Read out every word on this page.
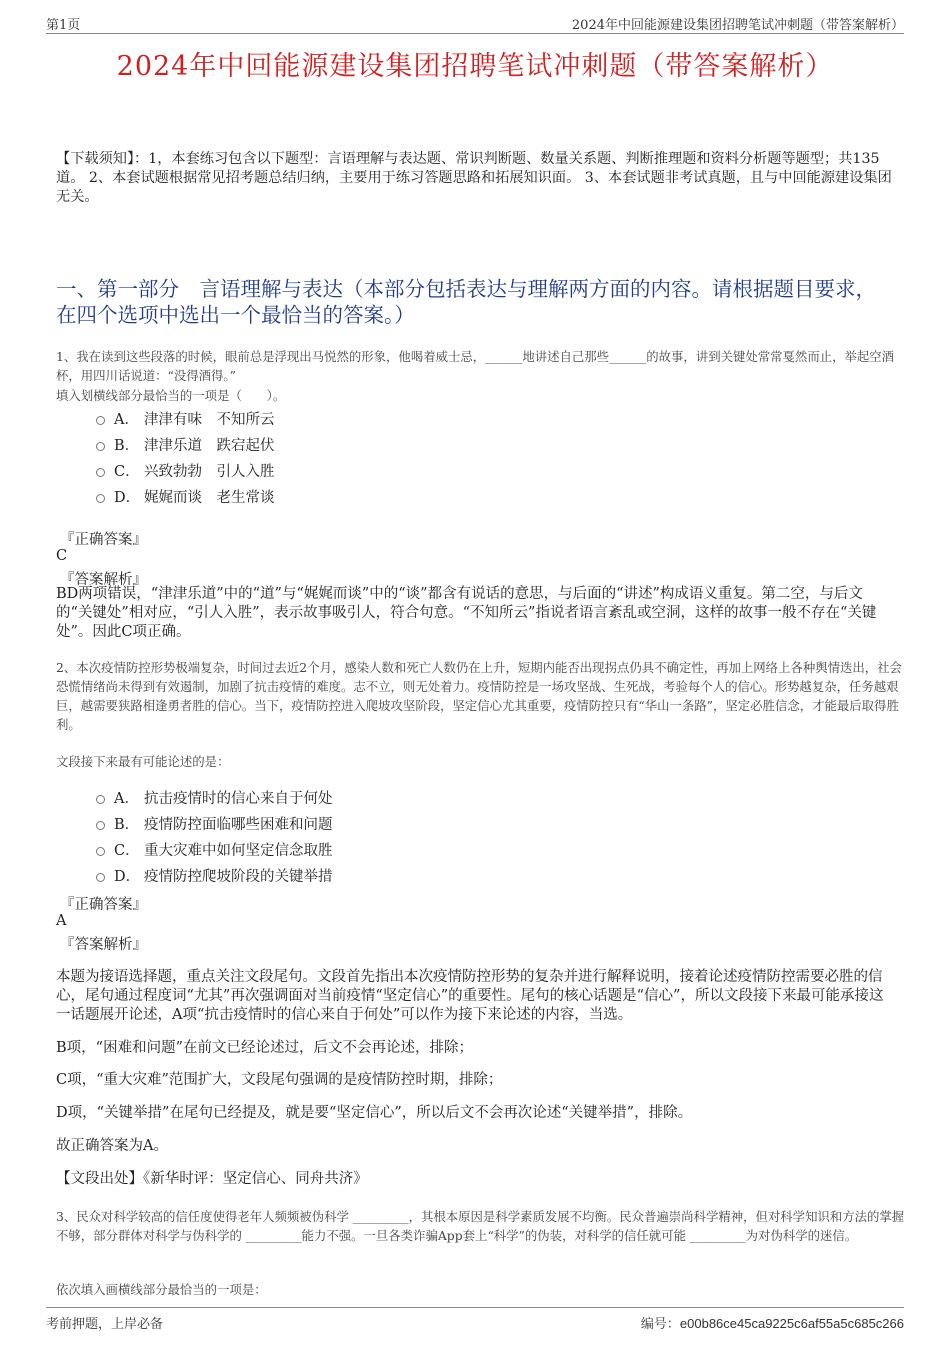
第1页	2024年中回能源建设集团招聘笔试冲刺题（带答案解析）
2024年中回能源建设集团招聘笔试冲刺题（带答案解析）
【下载须知】：1，本套练习包含以下题型：言语理解与表达题、常识判断题、数量关系题、判断推理题和资料分析题等题型；共135道。 2、本套试题根据常见招考题总结归纳，主要用于练习答题思路和拓展知识面。 3、本套试题非考试真题，且与中回能源建设集团无关。
一、第一部分　言语理解与表达（本部分包括表达与理解两方面的内容。请根据题目要求，在四个选项中选出一个最恰当的答案。）
1、我在读到这些段落的时候，眼前总是浮现出马悦然的形象，他喝着威士忌，______地讲述自己那些______的故事，讲到关键处常常戛然而止，举起空酒杯，用四川话说道：“没得酒得。”
填入划横线部分最恰当的一项是（　　）。
A． 津津有味　不知所云
B． 津津乐道　跌宕起伏
C． 兴致勃勃　引人入胜
D． 娓娓而谈　老生常谈
『正确答案』
C
『答案解析』
BD两项错误，“津津乐道”中的“道”与“娓娓而谈”中的“谈”都含有说话的意思，与后面的“讲述”构成语义重复。第二空，与后文的“关键处”相对应，“引人入胜”，表示故事吸引人，符合句意。“不知所云”指说者语言紊乱或空洞，这样的故事一般不存在“关键处”。因此C项正确。
2、本次疫情防控形势极端复杂，时间过去近2个月，感染人数和死亡人数仍在上升，短期内能否出现拐点仍具不确定性，再加上网络上各种舆情迭出，社会恐慌情绪尚未得到有效遏制，加剧了抗击疫情的难度。志不立，则无处着力。疫情防控是一场攻坚战、生死战，考验每个人的信心。形势越复杂，任务越艰巨，越需要狭路相逢勇者胜的信心。当下，疫情防控进入爬坡攻坚阶段，坚定信心尤其重要，疫情防控只有“华山一条路”，坚定必胜信念，才能最后取得胜利。
文段接下来最有可能论述的是：
A． 抗击疫情时的信心来自于何处
B． 疫情防控面临哪些困难和问题
C． 重大灾难中如何坚定信念取胜
D． 疫情防控爬坡阶段的关键举措
『正确答案』
A
『答案解析』
本题为接语选择题，重点关注文段尾句。文段首先指出本次疫情防控形势的复杂并进行解释说明，接着论述疫情防控需要必胜的信心，尾句通过程度词“尤其”再次强调面对当前疫情“坚定信心”的重要性。尾句的核心话题是“信心”，所以文段接下来最可能承接这一话题展开论述，A项“抗击疫情时的信心来自于何处”可以作为接下来论述的内容，当选。
B项，“困难和问题”在前文已经论述过，后文不会再论述，排除；
C项，“重大灾难”范围扩大，文段尾句强调的是疫情防控时期，排除；
D项，“关键举措”在尾句已经提及，就是要“坚定信心”，所以后文不会再次论述“关键举措”，排除。
故正确答案为A。
【文段出处】《新华时评：坚定信心、同舟共济》
3、民众对科学较高的信任度使得老年人频频被伪科学 _________，其根本原因是科学素质发展不均衡。民众普遍崇尚科学精神，但对科学知识和方法的掌握不够，部分群体对科学与伪科学的 _________能力不强。一旦各类诈骗App套上“科学”的伪装，对科学的信任就可能 _________为对伪科学的迷信。
依次填入画横线部分最恰当的一项是：
考前押题，上岸必备	编号：e00b86ce45ca9225c6af55a5c685c266
